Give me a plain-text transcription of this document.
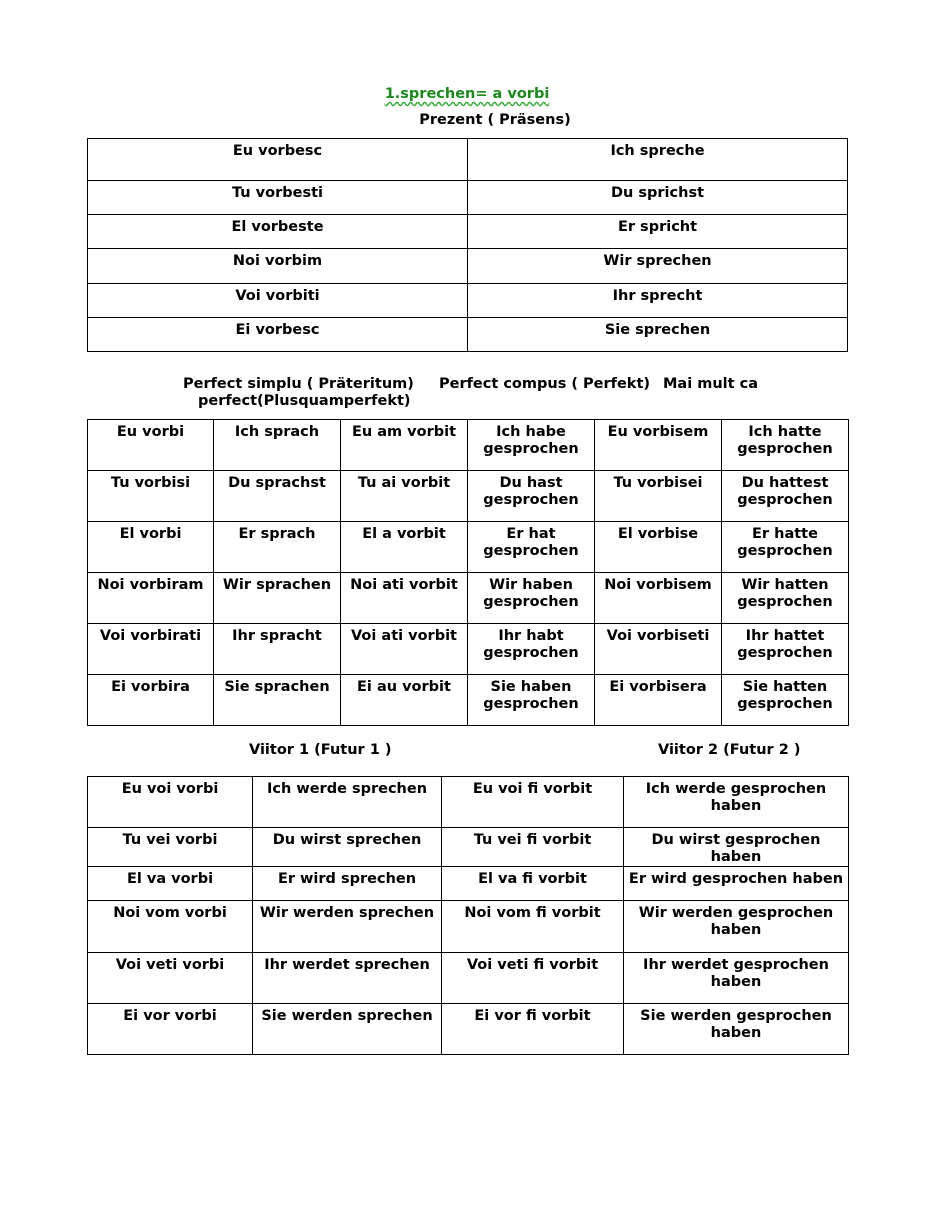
1.sprechen= a vorbi
Prezent ( Präsens)
Eu vorbesc	Ich spreche
Tu vorbesti	Du sprichst
El vorbeste	Er spricht
Noi vorbim	Wir sprechen
Voi vorbiti	Ihr sprecht
Ei vorbesc	Sie sprechen
Perfect simplu ( Präteritum) Perfect compus ( Perfekt) Mai mult ca
perfect(Plusquamperfekt)
Eu vorbi	Ich sprach	Eu am vorbit	Ich habe gesprochen	Eu vorbisem	Ich hatte gesprochen
Tu vorbisi	Du sprachst	Tu ai vorbit	Du hast gesprochen	Tu vorbisei	Du hattest gesprochen
El vorbi	Er sprach	El a vorbit	Er hat gesprochen	El vorbise	Er hatte gesprochen
Noi vorbiram	Wir sprachen	Noi ati vorbit	Wir haben gesprochen	Noi vorbisem	Wir hatten gesprochen
Voi vorbirati	Ihr spracht	Voi ati vorbit	Ihr habt gesprochen	Voi vorbiseti	Ihr hattet gesprochen
Ei vorbira	Sie sprachen	Ei au vorbit	Sie haben gesprochen	Ei vorbisera	Sie hatten gesprochen
Viitor 1 (Futur 1 )	Viitor 2 (Futur 2 )
Eu voi vorbi	Ich werde sprechen	Eu voi fi vorbit	Ich werde gesprochen haben
Tu vei vorbi	Du wirst sprechen	Tu vei fi vorbit	Du wirst gesprochen haben
El va vorbi	Er wird sprechen	El va fi vorbit	Er wird gesprochen haben
Noi vom vorbi	Wir werden sprechen	Noi vom fi vorbit	Wir werden gesprochen haben
Voi veti vorbi	Ihr werdet sprechen	Voi veti fi vorbit	Ihr werdet gesprochen haben
Ei vor vorbi	Sie werden sprechen	Ei vor fi vorbit	Sie werden gesprochen haben
